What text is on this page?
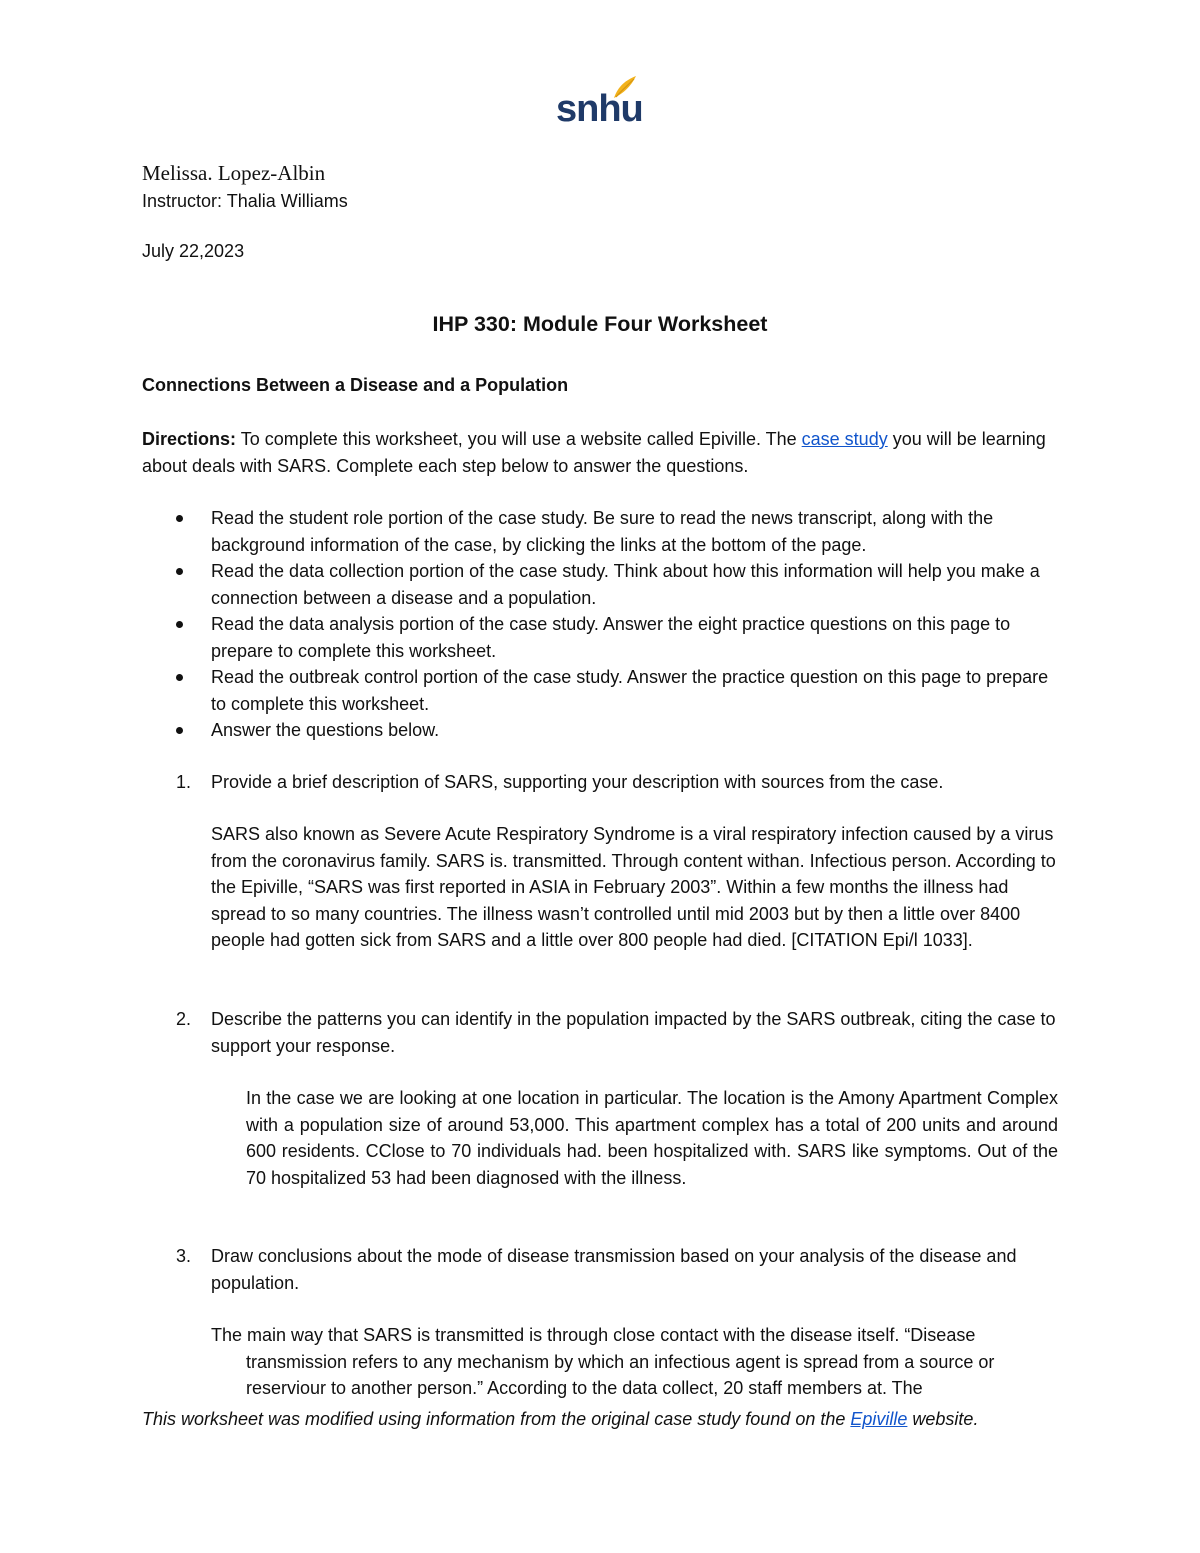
snhu

Melissa. Lopez-Albin

Instructor: Thalia Williams

July 22,2023

IHP 330: Module Four Worksheet

Connections Between a Disease and a Population

Directions: To complete this worksheet, you will use a website called Epiville. The case study you will be learning about deals with SARS. Complete each step below to answer the questions.

Read the student role portion of the case study. Be sure to read the news transcript, along with the background information of the case, by clicking the links at the bottom of the page.
Read the data collection portion of the case study. Think about how this information will help you make a connection between a disease and a population.
Read the data analysis portion of the case study. Answer the eight practice questions on this page to prepare to complete this worksheet.
Read the outbreak control portion of the case study. Answer the practice question on this page to prepare to complete this worksheet.
Answer the questions below.
1. Provide a brief description of SARS, supporting your description with sources from the case.
SARS also known as Severe Acute Respiratory Syndrome is a viral respiratory infection caused by a virus from the coronavirus family. SARS is. transmitted. Through content withan. Infectious person. According to the Epiville, “SARS was first reported in ASIA in February 2003”. Within a few months the illness had spread to so many countries. The illness wasn’t controlled until mid 2003 but by then a little over 8400 people had gotten sick from SARS and a little over 800 people had died. [CITATION Epi/l 1033].
2. Describe the patterns you can identify in the population impacted by the SARS outbreak, citing the case to support your response.
In the case we are looking at one location in particular. The location is the Amony Apartment Complex with a population size of around 53,000. This apartment complex has a total of 200 units and around 600 residents. CClose to 70 individuals had. been hospitalized with. SARS like symptoms. Out of the 70 hospitalized 53 had been diagnosed with the illness.
3. Draw conclusions about the mode of disease transmission based on your analysis of the disease and population.
The main way that SARS is transmitted is through close contact with the disease itself. “Disease
transmission refers to any mechanism by which an infectious agent is spread from a source or reserviour to another person.” According to the data collect, 20 staff members at. The
This worksheet was modified using information from the original case study found on the Epiville website.
